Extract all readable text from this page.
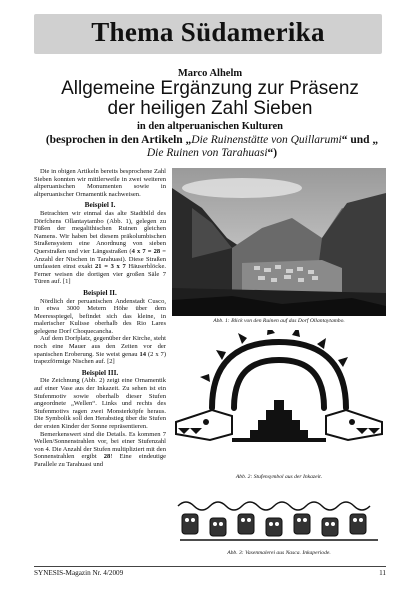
Thema Südamerika
Marco Alhelm
Allgemeine Ergänzung zur Präsenz
der heiligen Zahl Sieben
in den altperuanischen Kulturen
(besprochen in den Artikeln „Die Ruinenstätte von Quillarumi“ und „
Die Ruinen von Tarahuasi“)

Die in obigen Artikeln bereits besprochene Zahl Sieben konnten wir mittlerweile in zwei weiteren altperuanischen Monumenten sowie in altperuanischer Ornamentik nachweisen.

Beispiel I.

Betrachten wir einmal das alte Stadtbild des Dörfchens Ollantaytambo (Abb. 1), gelegen zu Füßen der megalithischen Ruinen gleichen Namens. Wir haben bei diesem präkolumbischen Straßensystem eine Anordnung von sieben Querstraßen und vier Längsstraßen (4 x 7 = 28 = Anzahl der Nischen in Tarahuasi). Diese Straßen umfassten einst exakt 21 = 3 x 7 Häuserblöcke. Ferner weisen die dortigen vier großen Säle 7 Türen auf. [1]

Beispiel II.

Nördlich der peruanischen Andenstadt Cusco, in etwa 3000 Metern Höhe über dem Meeresspiegel, befindet sich das kleine, in malerischer Kulisse oberhalb des Rio Lares gelegene Dorf Choquecancha.

Auf dem Dorfplatz, gegenüber der Kirche, steht noch eine Mauer aus den Zeiten vor der spanischen Eroberung. Sie weist genau 14 (2 x 7) trapezförmige Nischen auf. [2]

Beispiel III.

Die Zeichnung (Abb. 2) zeigt eine Ornamentik auf einer Vase aus der Inkazeit. Zu sehen ist ein Stufenmotiv sowie oberhalb dieser Stufen angeordnete „Wellen“. Links und rechts des Stufenmotivs ragen zwei Monsterköpfe heraus. Die Symbolik soll den Herabstieg über die Stufen der ersten Kinder der Sonne repräsentieren.

Bemerkenswert sind die Details. Es kommen 7 Wellen/Sonnenstrahlen vor, bei einer Stufenzahl von 4. Die Anzahl der Stufen multipliziert mit den Sonnenstrahlen ergibt 28! Eine eindeutige Parallele zu Tarahuasi und

Abb. 1: Blick von den Ruinen auf das Dorf Ollantaytambo.
Abb. 2: Stufensymbol aus der Inkazeit.
Abb. 3: Vasenmalerei aus Nasca. Inkaperiode.
SYNESIS-Magazin Nr. 4/2009	11
